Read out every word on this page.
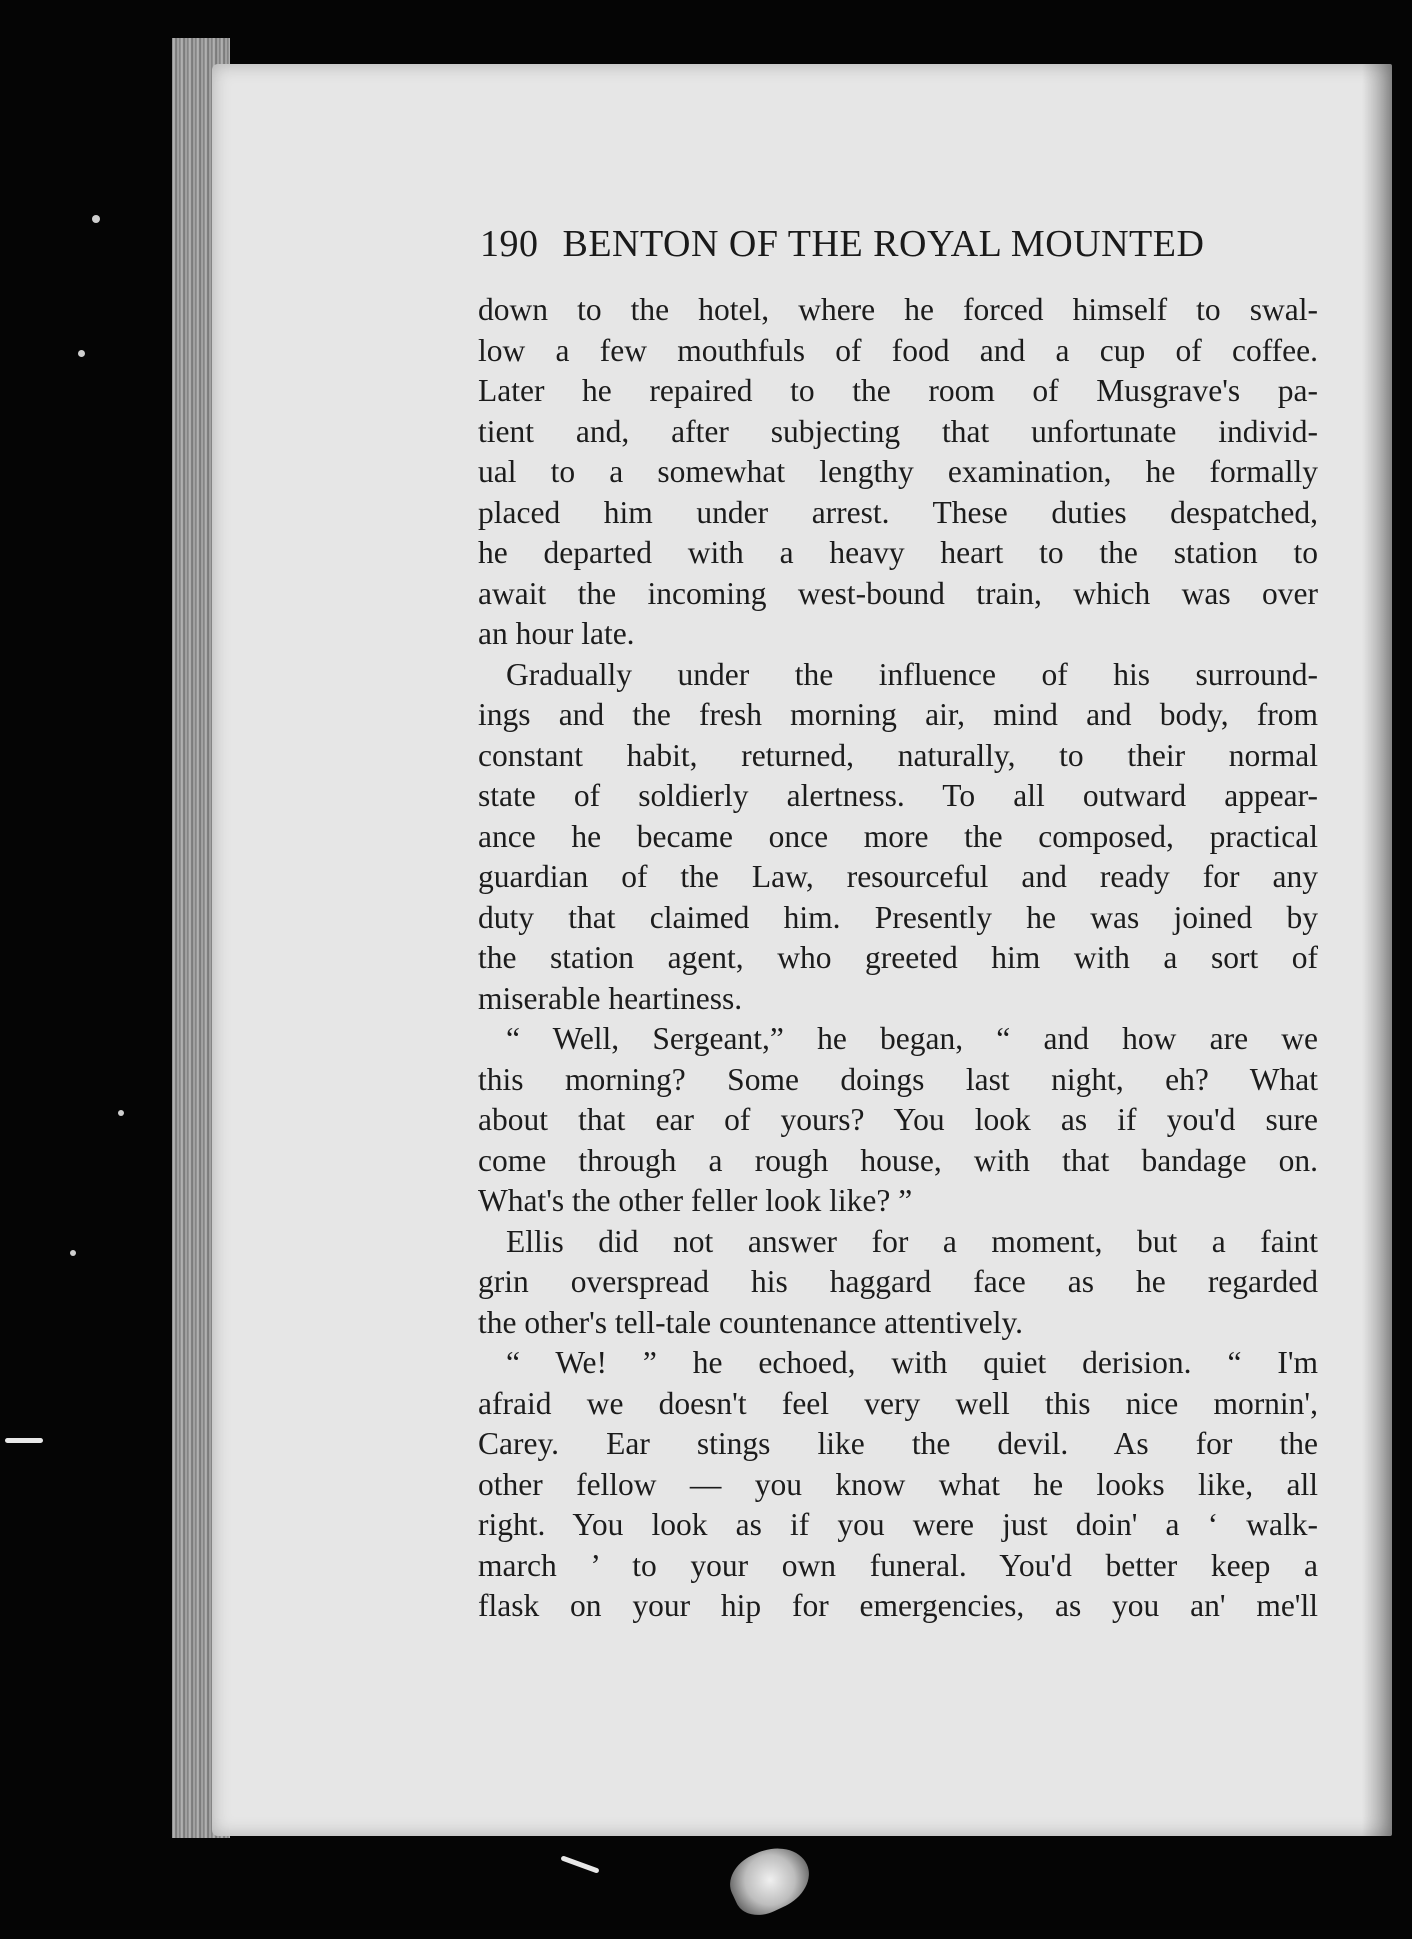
190 BENTON OF THE ROYAL MOUNTED
down to the hotel, where he forced himself to swal-
low a few mouthfuls of food and a cup of coffee.
Later he repaired to the room of Musgrave's pa-
tient and, after subjecting that unfortunate individ-
ual to a somewhat lengthy examination, he formally
placed him under arrest. These duties despatched,
he departed with a heavy heart to the station to
await the incoming west-bound train, which was over
an hour late.
Gradually under the influence of his surround-
ings and the fresh morning air, mind and body, from
constant habit, returned, naturally, to their normal
state of soldierly alertness. To all outward appear-
ance he became once more the composed, practical
guardian of the Law, resourceful and ready for any
duty that claimed him. Presently he was joined by
the station agent, who greeted him with a sort of
miserable heartiness.
“ Well, Sergeant,” he began, “ and how are we
this morning? Some doings last night, eh? What
about that ear of yours? You look as if you'd sure
come through a rough house, with that bandage on.
What's the other feller look like? ”
Ellis did not answer for a moment, but a faint
grin overspread his haggard face as he regarded
the other's tell-tale countenance attentively.
“ We! ” he echoed, with quiet derision. “ I'm
afraid we doesn't feel very well this nice mornin',
Carey. Ear stings like the devil. As for the
other fellow — you know what he looks like, all
right. You look as if you were just doin' a ‘ walk-
march ’ to your own funeral. You'd better keep a
flask on your hip for emergencies, as you an' me'll
